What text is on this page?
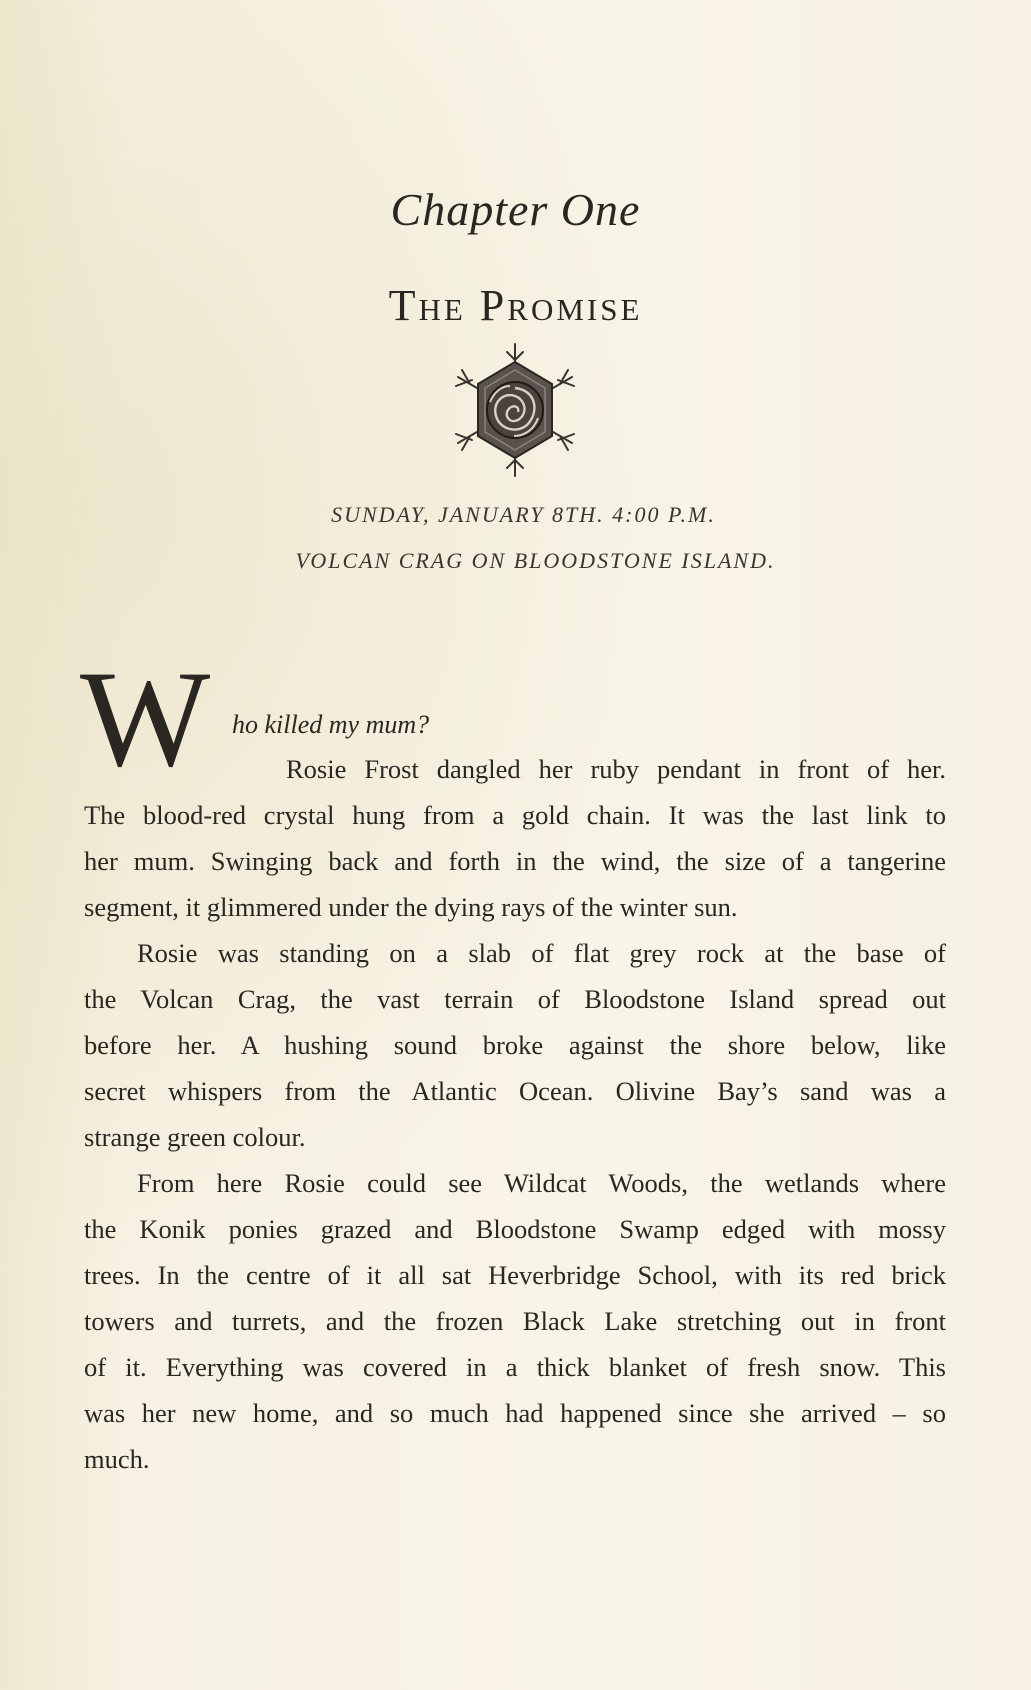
Chapter One
The Promise
SUNDAY, JANUARY 8TH. 4:00 P.M.
VOLCAN CRAG ON BLOODSTONE ISLAND.
W ho killed my mum?
Rosie Frost dangled her ruby pendant in front of her.
The blood-red crystal hung from a gold chain. It was the last link to
her mum. Swinging back and forth in the wind, the size of a tangerine
segment, it glimmered under the dying rays of the winter sun.
Rosie was standing on a slab of flat grey rock at the base of
the Volcan Crag, the vast terrain of Bloodstone Island spread out
before her. A hushing sound broke against the shore below, like
secret whispers from the Atlantic Ocean. Olivine Bay’s sand was a
strange green colour.
From here Rosie could see Wildcat Woods, the wetlands where
the Konik ponies grazed and Bloodstone Swamp edged with mossy
trees. In the centre of it all sat Heverbridge School, with its red brick
towers and turrets, and the frozen Black Lake stretching out in front
of it. Everything was covered in a thick blanket of fresh snow. This
was her new home, and so much had happened since she arrived – so
much.
